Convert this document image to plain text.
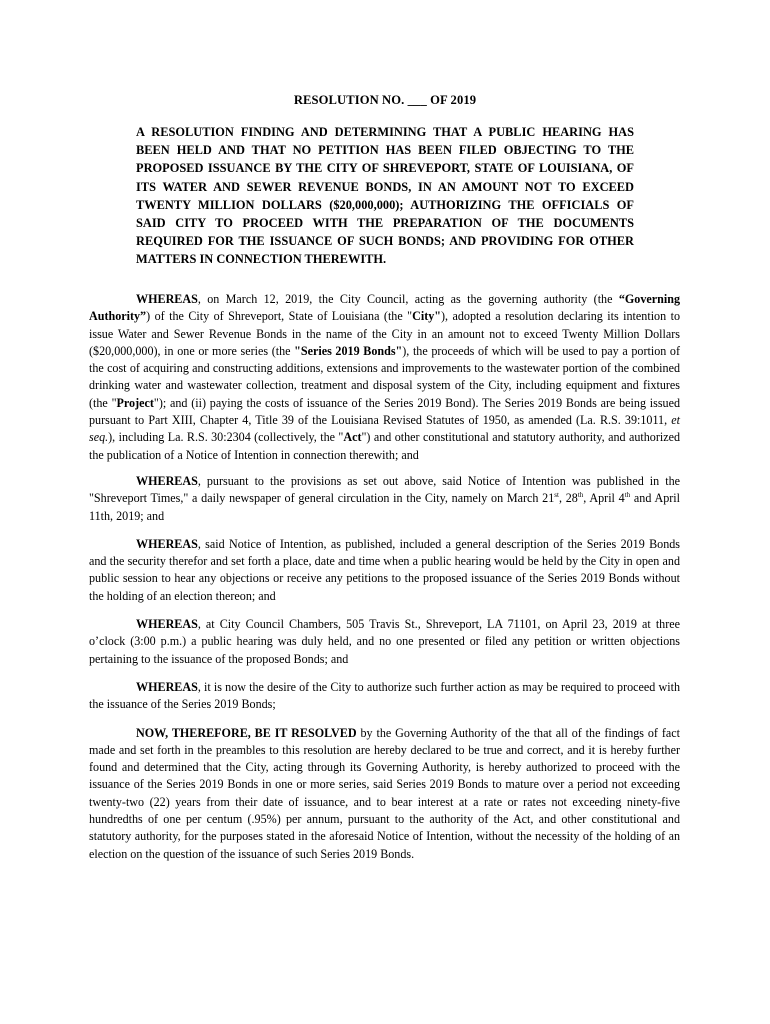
RESOLUTION NO. ___ OF 2019

A RESOLUTION FINDING AND DETERMINING THAT A PUBLIC HEARING HAS BEEN HELD AND THAT NO PETITION HAS BEEN FILED OBJECTING TO THE PROPOSED ISSUANCE BY THE CITY OF SHREVEPORT, STATE OF LOUISIANA, OF ITS WATER AND SEWER REVENUE BONDS, IN AN AMOUNT NOT TO EXCEED TWENTY MILLION DOLLARS ($20,000,000); AUTHORIZING THE OFFICIALS OF SAID CITY TO PROCEED WITH THE PREPARATION OF THE DOCUMENTS REQUIRED FOR THE ISSUANCE OF SUCH BONDS; AND PROVIDING FOR OTHER MATTERS IN CONNECTION THEREWITH.

WHEREAS, on March 12, 2019, the City Council, acting as the governing authority (the “Governing Authority”) of the City of Shreveport, State of Louisiana (the "City"), adopted a resolution declaring its intention to issue Water and Sewer Revenue Bonds in the name of the City in an amount not to exceed Twenty Million Dollars ($20,000,000), in one or more series (the "Series 2019 Bonds"), the proceeds of which will be used to pay a portion of the cost of acquiring and constructing additions, extensions and improvements to the wastewater portion of the combined drinking water and wastewater collection, treatment and disposal system of the City, including equipment and fixtures (the "Project"); and (ii) paying the costs of issuance of the Series 2019 Bond). The Series 2019 Bonds are being issued pursuant to Part XIII, Chapter 4, Title 39 of the Louisiana Revised Statutes of 1950, as amended (La. R.S. 39:1011, et seq.), including La. R.S. 30:2304 (collectively, the "Act") and other constitutional and statutory authority, and authorized the publication of a Notice of Intention in connection therewith; and

WHEREAS, pursuant to the provisions as set out above, said Notice of Intention was published in the "Shreveport Times," a daily newspaper of general circulation in the City, namely on March 21st, 28th, April 4th and April 11th, 2019; and

WHEREAS, said Notice of Intention, as published, included a general description of the Series 2019 Bonds and the security therefor and set forth a place, date and time when a public hearing would be held by the City in open and public session to hear any objections or receive any petitions to the proposed issuance of the Series 2019 Bonds without the holding of an election thereon; and

WHEREAS, at City Council Chambers, 505 Travis St., Shreveport, LA 71101, on April 23, 2019 at three o’clock (3:00 p.m.) a public hearing was duly held, and no one presented or filed any petition or written objections pertaining to the issuance of the proposed Bonds; and

WHEREAS, it is now the desire of the City to authorize such further action as may be required to proceed with the issuance of the Series 2019 Bonds;

NOW, THEREFORE, BE IT RESOLVED by the Governing Authority of the that all of the findings of fact made and set forth in the preambles to this resolution are hereby declared to be true and correct, and it is hereby further found and determined that the City, acting through its Governing Authority, is hereby authorized to proceed with the issuance of the Series 2019 Bonds in one or more series, said Series 2019 Bonds to mature over a period not exceeding twenty-two (22) years from their date of issuance, and to bear interest at a rate or rates not exceeding ninety-five hundredths of one per centum (.95%) per annum, pursuant to the authority of the Act, and other constitutional and statutory authority, for the purposes stated in the aforesaid Notice of Intention, without the necessity of the holding of an election on the question of the issuance of such Series 2019 Bonds.
